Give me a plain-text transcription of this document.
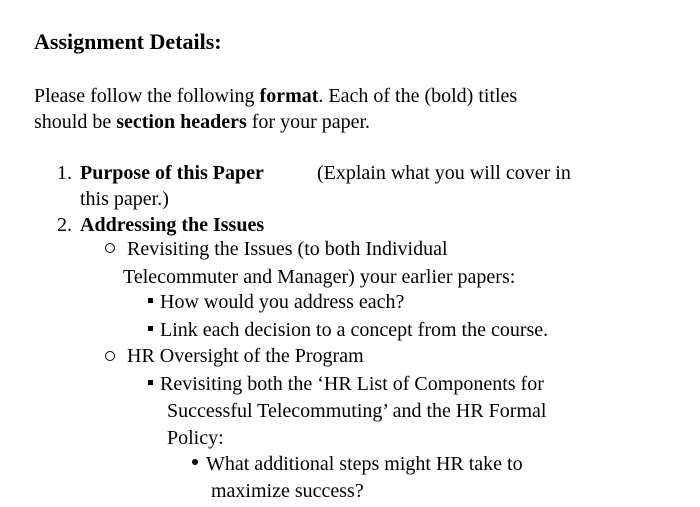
Assignment Details:
Please follow the following format. Each of the (bold) titles
should be section headers for your paper.
1. Purpose of this Paper	(Explain what you will cover in
this paper.)
2. Addressing the Issues
Revisiting the Issues (to both Individual
Telecommuter and Manager) your earlier papers:
How would you address each?
Link each decision to a concept from the course.
HR Oversight of the Program
Revisiting both the ‘HR List of Components for
Successful Telecommuting’ and the HR Formal
Policy:
What additional steps might HR take to
maximize success?
